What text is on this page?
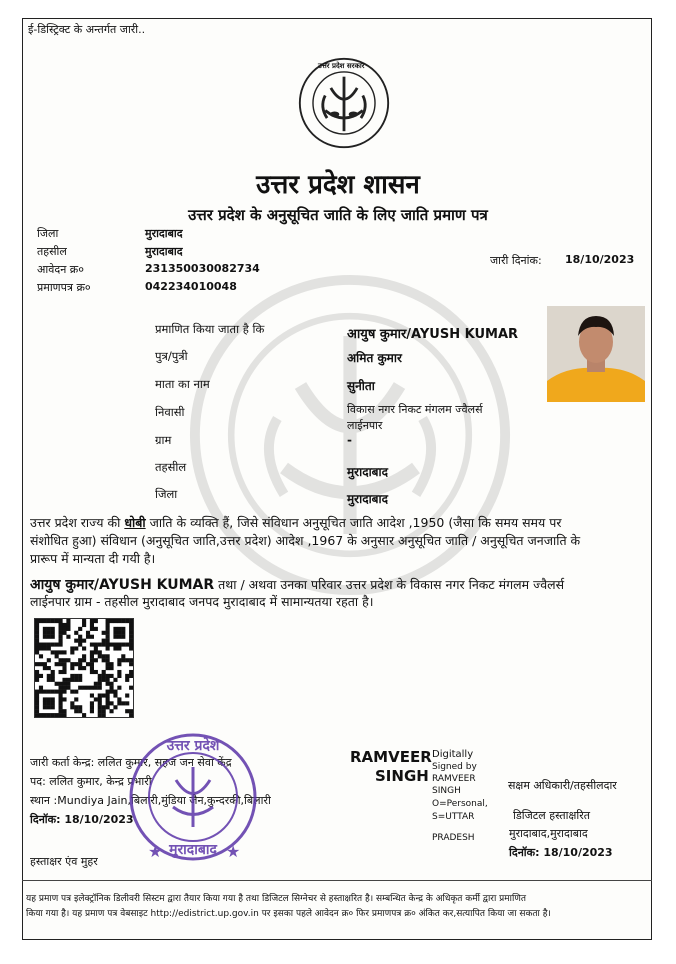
ई-डिस्ट्रिक्ट के अन्तर्गत जारी..
उत्तर प्रदेश सरकार
उत्तर प्रदेश शासन
उत्तर प्रदेश के अनुसूचित जाति के लिए जाति प्रमाण पत्र
जिला	मुरादाबाद
तहसील	मुरादाबाद
आवेदन क्र०	231350030082734
प्रमाणपत्र क्र०	042234010048
जारी दिनांक: 18/10/2023
प्रमाणित किया जाता है कि	आयुष कुमार/AYUSH KUMAR
पुत्र/पुत्री	अमित कुमार
माता का नाम	सुनीता
निवासी	विकास नगर निकट मंगलम ज्वैलर्स
लाईनपार
ग्राम	-
तहसील	मुरादाबाद
जिला	मुरादाबाद
उत्तर प्रदेश राज्य की धोबी जाति के व्यक्ति हैं, जिसे संविधान अनुसूचित जाति आदेश ,1950 (जैसा कि समय समय पर
संशोधित हुआ) संविधान (अनुसूचित जाति,उत्तर प्रदेश) आदेश ,1967 के अनुसार अनुसूचित जाति / अनुसूचित जनजाति के
प्रारूप में मान्यता दी गयी है।
आयुष कुमार/AYUSH KUMAR तथा / अथवा उनका परिवार उत्तर प्रदेश के विकास नगर निकट मंगलम ज्वैलर्स
लाईनपार ग्राम - तहसील मुरादाबाद जनपद मुरादाबाद में सामान्यतया रहता है।
जारी कर्ता केन्द्र: ललित कुमार, सहज जन सेवा केंद्र
पद: ललित कुमार, केन्द्र प्रभारी
स्थान :Mundiya Jain,बिलारी,मुंडिया जैन,कुन्दरकी,बिलारी
दिनॉक: 18/10/2023
हस्ताक्षर एंव मुहर
उत्तर प्रदेश
मुरादाबाद
★	★
RAMVEER
SINGH
Digitally
Signed by
RAMVEER
SINGH
O=Personal,
S=UTTAR
PRADESH
सक्षम अधिकारी/तहसीलदार
डिजिटल हस्ताक्षरित
मुरादाबाद,मुरादाबाद
दिनॉक: 18/10/2023
यह प्रमाण पत्र इलेक्ट्रॉनिक डिलीवरी सिस्टम द्वारा तैयार किया गया है तथा डिजिटल सिग्नेचर से हस्ताक्षरित है। सम्बन्धित केन्द्र के अधिकृत कर्मी द्वारा प्रमाणित
किया गया है। यह प्रमाण पत्र वेबसाइट http://edistrict.up.gov.in पर इसका पहले आवेदन क्र० फिर प्रमाणपत्र क्र० अंकित कर,सत्यापित किया जा सकता है।
